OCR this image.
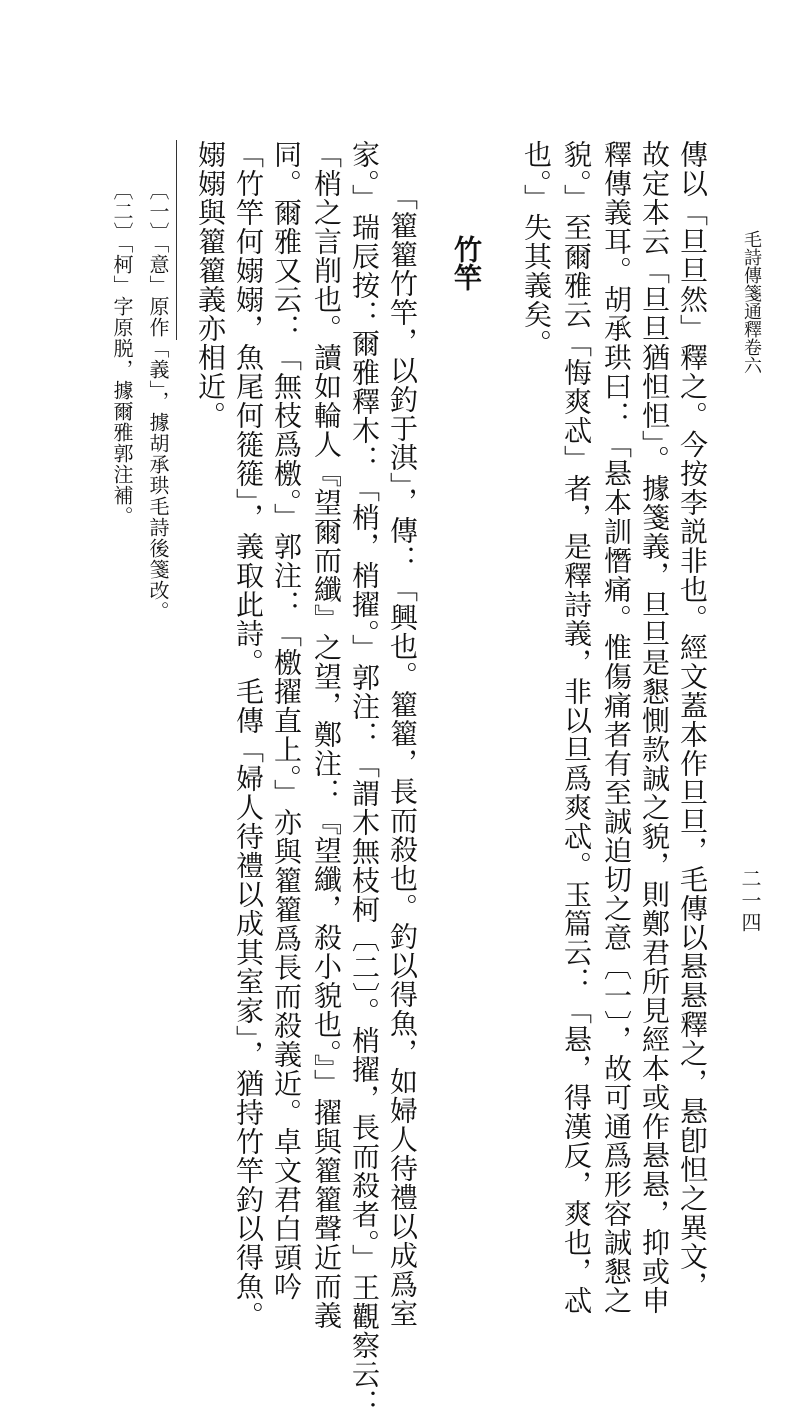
毛詩傳箋通釋卷六
二一四
傳以「旦旦然」釋之。今按李説非也。經文蓋本作旦旦，毛傳以悬悬釋之，悬卽怛之異文，
故定本云「旦旦猶怛怛」。據箋義，旦旦是懇惻款誠之貌，則鄭君所見經本或作悬悬，抑或申
釋傳義耳。胡承珙曰：「悬本訓憯痛。惟傷痛者有至誠迫切之意〔一〕，故可通爲形容誠懇之
貌。」至爾雅云「悔爽忒」者，是釋詩義，非以旦爲爽忒。玉篇云：「悬，得漢反，爽也，忒
也。」失其義矣。
竹竿
「籊籊竹竿，以釣于淇」，傳：「興也。籊籊，長而殺也。釣以得魚，如婦人待禮以成爲室
家。」瑞辰按：爾雅釋木：「梢，梢擢。」郭注：「謂木無枝柯〔二〕。梢擢，長而殺者。」王觀察云：
「梢之言削也。讀如輪人『望爾而纖』之望，鄭注：『望纖，殺小貌也。』」擢與籊籊聲近而義
同。爾雅又云：「無枝爲檄。」郭注：「檄擢直上。」亦與籊籊爲長而殺義近。卓文君白頭吟
「竹竿何嫋嫋，魚尾何簁簁」，義取此詩。毛傳「婦人待禮以成其室家」，猶持竹竿釣以得魚。
嫋嫋與籊籊義亦相近。
〔一〕「意」原作「義」，據胡承珙毛詩後箋改。
〔二〕「柯」字原脱，據爾雅郭注補。
